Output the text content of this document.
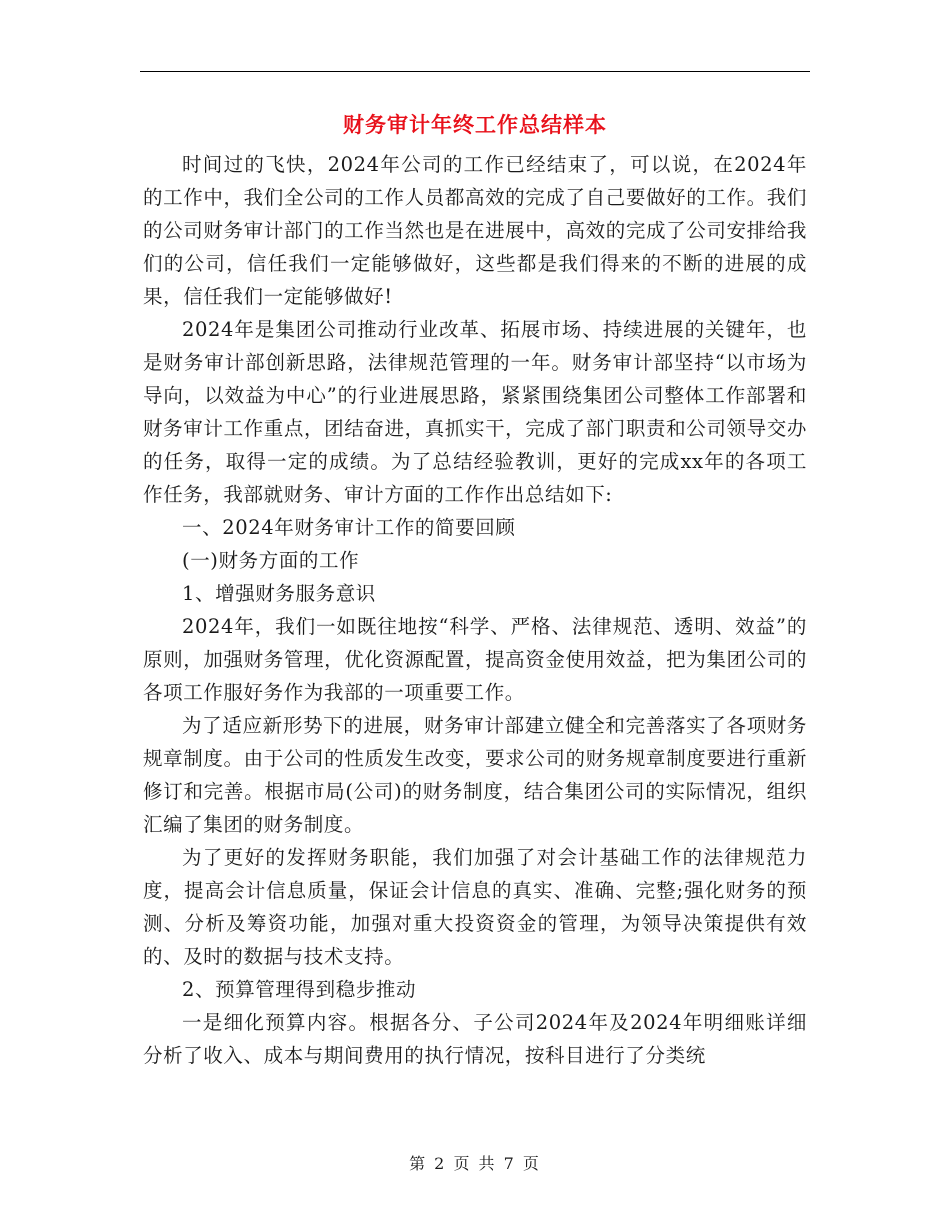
财务审计年终工作总结样本

时间过的飞快，2024年公司的工作已经结束了，可以说，在2024年的工作中，我们全公司的工作人员都高效的完成了自己要做好的工作。我们的公司财务审计部门的工作当然也是在进展中，高效的完成了公司安排给我们的公司，信任我们一定能够做好，这些都是我们得来的不断的进展的成果，信任我们一定能够做好!

2024年是集团公司推动行业改革、拓展市场、持续进展的关键年，也是财务审计部创新思路，法律规范管理的一年。财务审计部坚持“以市场为导向，以效益为中心”的行业进展思路，紧紧围绕集团公司整体工作部署和财务审计工作重点，团结奋进，真抓实干，完成了部门职责和公司领导交办的任务，取得一定的成绩。为了总结经验教训，更好的完成xx年的各项工作任务，我部就财务、审计方面的工作作出总结如下:

一、2024年财务审计工作的简要回顾

(一)财务方面的工作

1、增强财务服务意识

2024年，我们一如既往地按“科学、严格、法律规范、透明、效益”的原则，加强财务管理，优化资源配置，提高资金使用效益，把为集团公司的各项工作服好务作为我部的一项重要工作。

为了适应新形势下的进展，财务审计部建立健全和完善落实了各项财务规章制度。由于公司的性质发生改变，要求公司的财务规章制度要进行重新修订和完善。根据市局(公司)的财务制度，结合集团公司的实际情况，组织汇编了集团的财务制度。

为了更好的发挥财务职能，我们加强了对会计基础工作的法律规范力度，提高会计信息质量，保证会计信息的真实、准确、完整;强化财务的预测、分析及筹资功能，加强对重大投资资金的管理，为领导决策提供有效的、及时的数据与技术支持。

2、预算管理得到稳步推动

一是细化预算内容。根据各分、子公司2024年及2024年明细账详细分析了收入、成本与期间费用的执行情况，按科目进行了分类统

第 2 页 共 7 页
